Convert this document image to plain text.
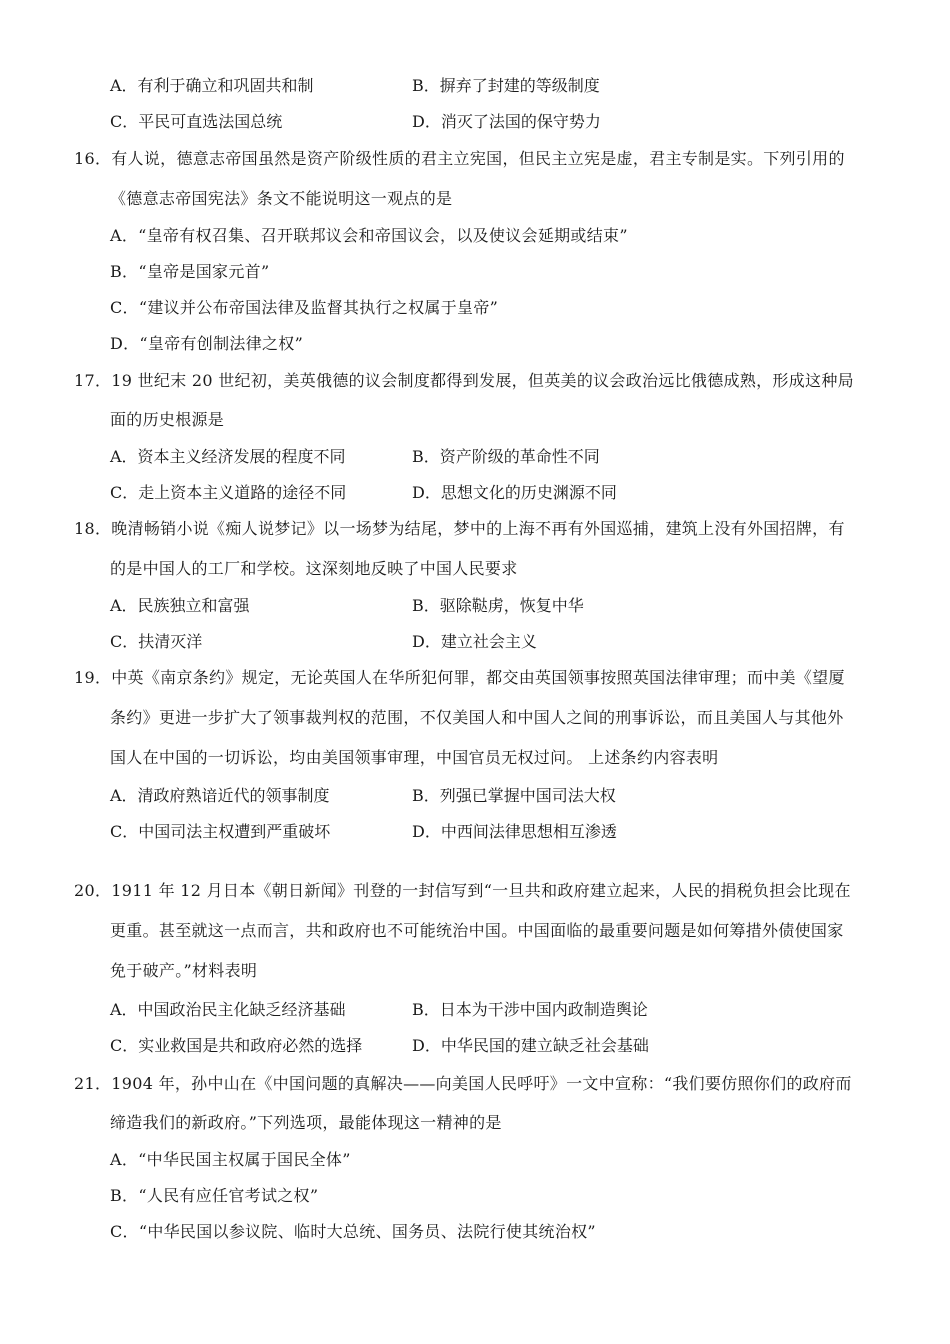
A．有利于确立和巩固共和制	B．摒弃了封建的等级制度
C．平民可直选法国总统	D．消灭了法国的保守势力
16．有人说，德意志帝国虽然是资产阶级性质的君主立宪国，但民主立宪是虚，君主专制是实。下列引用的
《德意志帝国宪法》条文不能说明这一观点的是
A．“皇帝有权召集、召开联邦议会和帝国议会，以及使议会延期或结束”
B．“皇帝是国家元首”
C．“建议并公布帝国法律及监督其执行之权属于皇帝”
D．“皇帝有创制法律之权”
17．19 世纪末 20 世纪初，美英俄德的议会制度都得到发展，但英美的议会政治远比俄德成熟，形成这种局
面的历史根源是
A．资本主义经济发展的程度不同	B．资产阶级的革命性不同
C．走上资本主义道路的途径不同	D．思想文化的历史渊源不同
18．晚清畅销小说《痴人说梦记》以一场梦为结尾，梦中的上海不再有外国巡捕，建筑上没有外国招牌，有
的是中国人的工厂和学校。这深刻地反映了中国人民要求
A．民族独立和富强	B．驱除鞑虏，恢复中华
C．扶清灭洋	D．建立社会主义
19．中英《南京条约》规定，无论英国人在华所犯何罪，都交由英国领事按照英国法律审理；而中美《望厦
条约》更进一步扩大了领事裁判权的范围，不仅美国人和中国人之间的刑事诉讼，而且美国人与其他外
国人在中国的一切诉讼，均由美国领事审理，中国官员无权过问。 上述条约内容表明
A．清政府熟谙近代的领事制度	B．列强已掌握中国司法大权
C．中国司法主权遭到严重破坏	D．中西间法律思想相互渗透
20．1911 年 12 月日本《朝日新闻》刊登的一封信写到“一旦共和政府建立起来，人民的捐税负担会比现在
更重。甚至就这一点而言，共和政府也不可能统治中国。中国面临的最重要问题是如何筹措外债使国家
免于破产。”材料表明
A．中国政治民主化缺乏经济基础	B．日本为干涉中国内政制造舆论
C．实业救国是共和政府必然的选择	D．中华民国的建立缺乏社会基础
21．1904 年，孙中山在《中国问题的真解决——向美国人民呼吁》一文中宣称：“我们要仿照你们的政府而
缔造我们的新政府。”下列选项，最能体现这一精神的是
A．“中华民国主权属于国民全体”
B．“人民有应任官考试之权”
C．“中华民国以参议院、临时大总统、国务员、法院行使其统治权”
